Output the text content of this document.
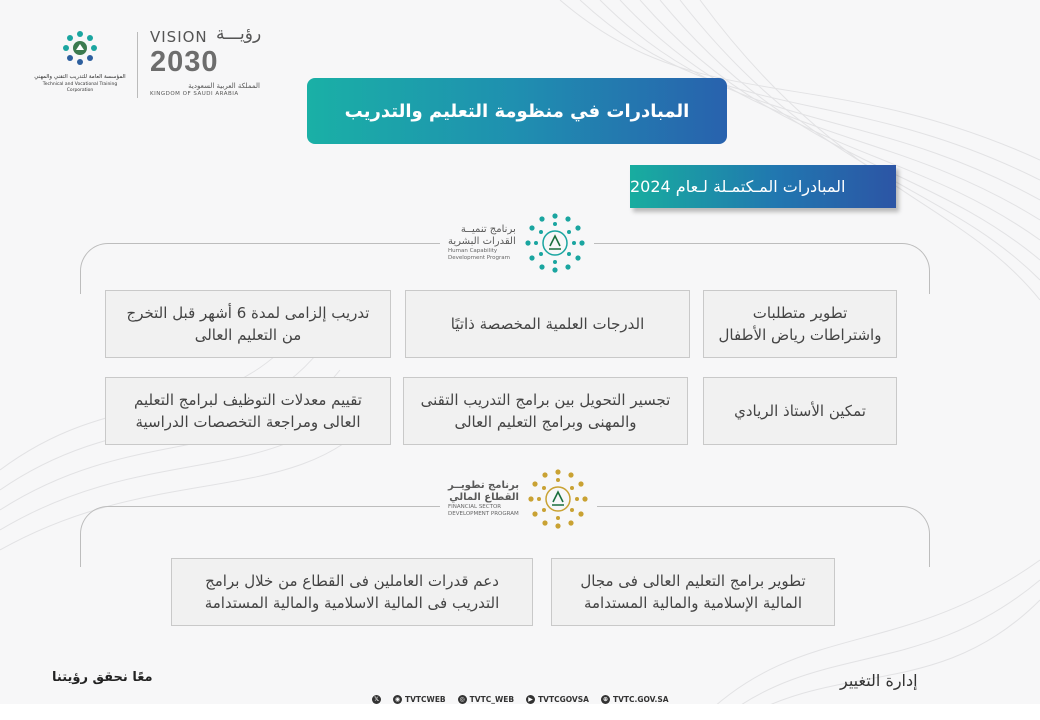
المؤسسة العامة للتدريب التقني والمهني
Technical and Vocational Training Corporation
VISION رؤيـــة
2030
المملكة العربية السعودية
KINGDOM OF SAUDI ARABIA
المبادرات في منظومة التعليم والتدريب
المبادرات المـكتمـلة لـعام 2024
برنامج تنميــة
القدرات البشرية
Human Capability
Development Program
تطوير متطلبات واشتراطات رياض الأطفال
الدرجات العلمية المخصصة ذاتيًا
تدريب إلزامى لمدة 6 أشهر قبل التخرج من التعليم العالى
تمكين الأستاذ الريادي
تجسير التحويل بين برامج التدريب التقنى والمهنى وبرامج التعليم العالى
تقييم معدلات التوظيف لبرامج التعليم العالى ومراجعة التخصصات الدراسية
برنامج تطويــر
القطاع المالي
FINANCIAL SECTOR
DEVELOPMENT PROGRAM
تطوير برامج التعليم العالى فى مجال المالية الإسلامية والمالية المستدامة
دعم قدرات العاملين فى القطاع من خلال برامج التدريب فى المالية الاسلامية والمالية المستدامة
معًا نحقق رؤيتنا	إدارة التغيير
𝕏	◉ TVTCWEB	◎ TVTC_WEB	▶ TVTCGOVSA	⊕ TVTC.GOV.SA
